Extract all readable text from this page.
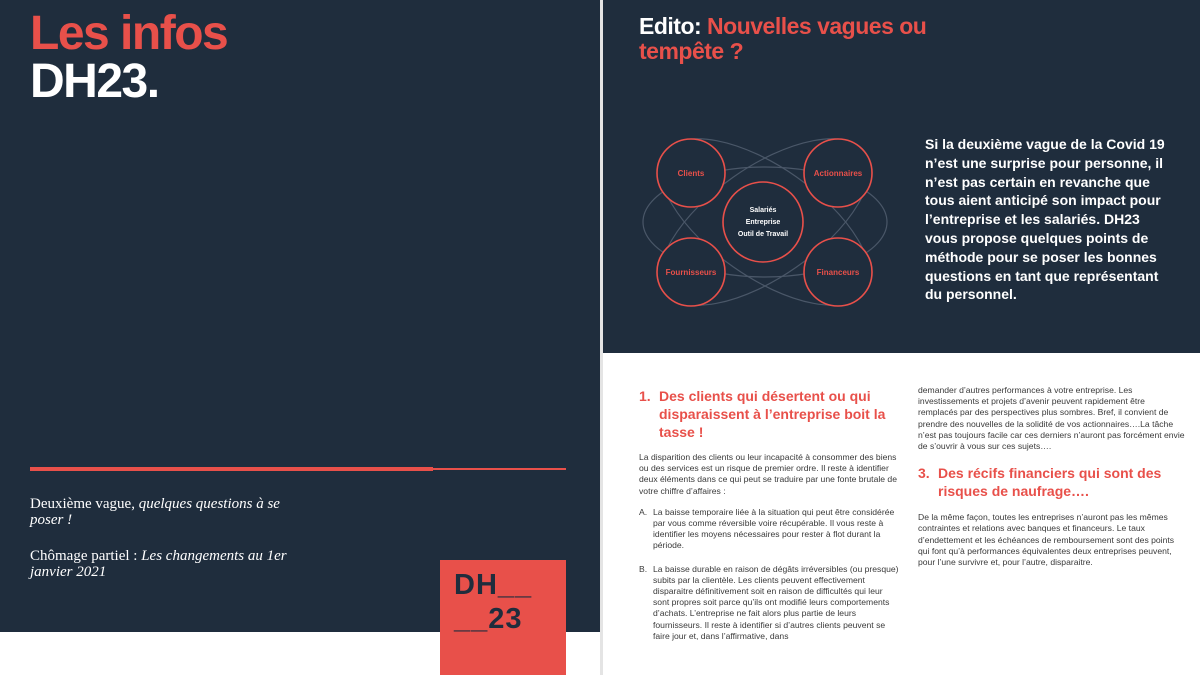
Les infos
DH23.
Deuxième vague, quelques questions à se poser !
Chômage partiel : Les changements au 1er janvier 2021	DH__
__23
Edito: Nouvelles vagues ou tempête ?
Clients	Actionnaires
Fournisseurs	Financeurs
Salariés
Entreprise
Outil de Travail
Si la deuxième vague de la Covid 19 n’est une surprise pour personne, il n’est pas certain en revanche que tous aient anticipé son impact pour l’entreprise et les salariés. DH23 vous propose quelques points de méthode pour se poser les bonnes questions en tant que représentant du personnel.
1. Des clients qui désertent ou qui disparaissent à l’entreprise boit la tasse !

La disparition des clients ou leur incapacité à consommer des biens ou des services est un risque de premier ordre. Il reste à identifier deux éléments dans ce qui peut se traduire par une fonte brutale de votre chiffre d’affaires :

A. La baisse temporaire liée à la situation qui peut être considérée par vous comme réversible voire récupérable. Il vous reste à identifier les moyens nécessaires pour rester à flot durant la période.
B. La baisse durable en raison de dégâts irréversibles (ou presque) subits par la clientèle. Les clients peuvent effectivement disparaitre définitivement soit en raison de difficultés qui leur sont propres soit parce qu’ils ont modifié leurs comportements d’achats. L’entreprise ne fait alors plus partie de leurs fournisseurs. Il reste à identifier si d’autres clients peuvent se faire jour et, dans l’affirmative, dans

demander d’autres performances à votre entreprise. Les investissements et projets d’avenir peuvent rapidement être remplacés par des perspectives plus sombres. Bref, il convient de prendre des nouvelles de la solidité de vos actionnaires….La tâche n’est pas toujours facile car ces derniers n’auront pas forcément envie de s’ouvrir à vous sur ces sujets….

3. Des récifs financiers qui sont des risques de naufrage….

De la même façon, toutes les entreprises n’auront pas les mêmes contraintes et relations avec banques et financeurs. Le taux d’endettement et les échéances de remboursement sont des points qui font qu’à performances équivalentes deux entreprises peuvent, pour l’une survivre et, pour l’autre, disparaitre.
